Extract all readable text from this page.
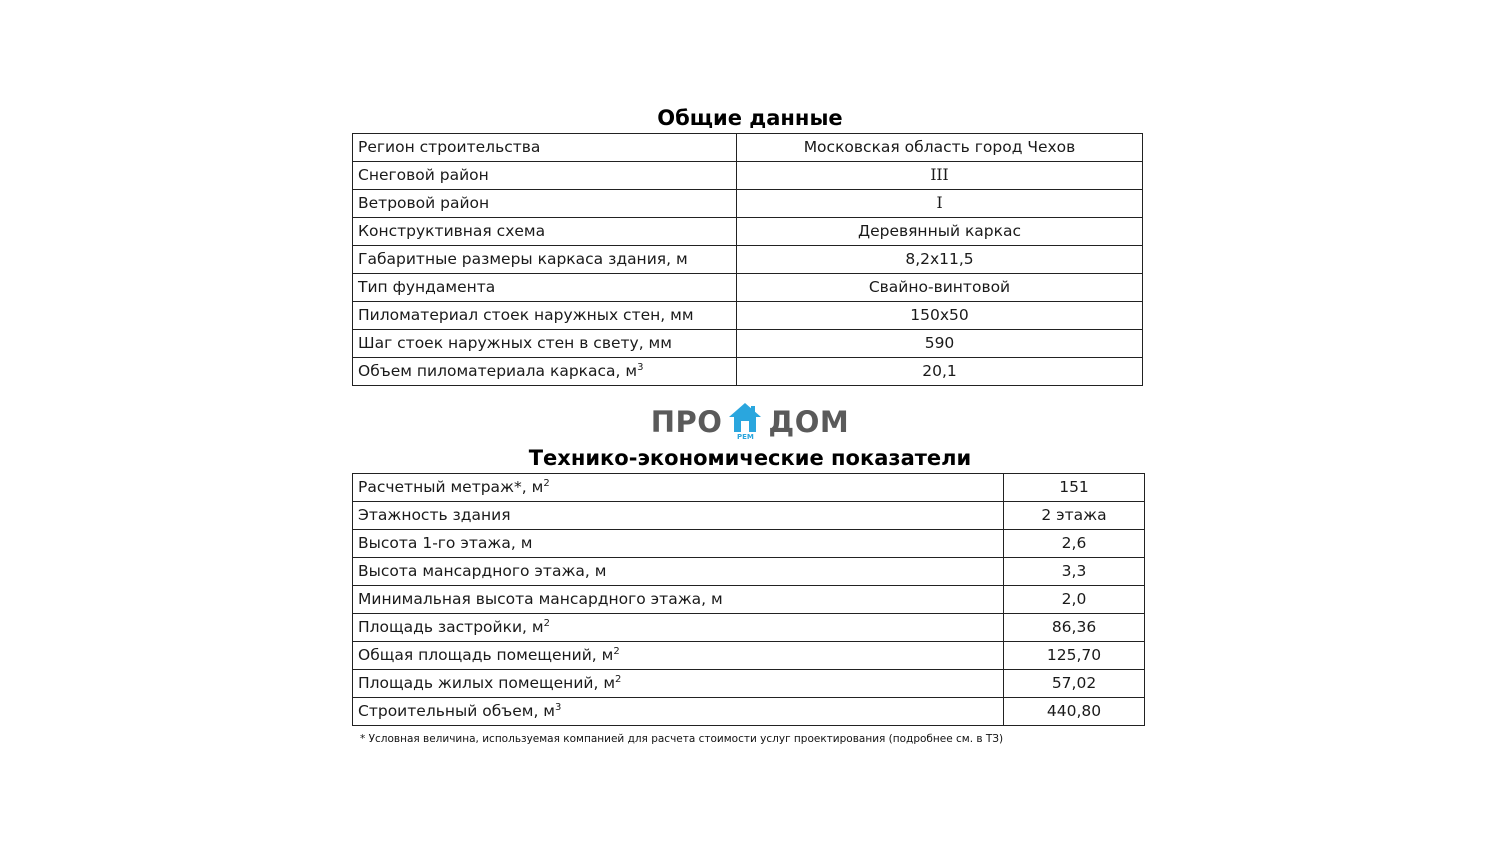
Общие данные
Регион строительства	Московская область город Чехов
Снеговой район	III
Ветровой район	I
Конструктивная схема	Деревянный каркас
Габаритные размеры каркаса здания, м	8,2х11,5
Тип фундамента	Свайно-винтовой
Пиломатериал стоек наружных стен, мм	150х50
Шаг стоек наружных стен в свету, мм	590
Объем пиломатериала каркаса, $м^3$	20,1
ПРО	РЕМ ДОМ
Технико-экономические показатели
Расчетный метраж*, $м^2$	151
Этажность здания	2 этажа
Высота 1-го этажа, м	2,6
Высота мансардного этажа, м	3,3
Минимальная высота мансардного этажа, м	2,0
Площадь застройки, $м^2$	86,36
Общая площадь помещений, $м^2$	125,70
Площадь жилых помещений, $м^2$	57,02
Строительный объем, $м^3$	440,80
* Условная величина, используемая компанией для расчета стоимости услуг проектирования (подробнее см. в ТЗ)
